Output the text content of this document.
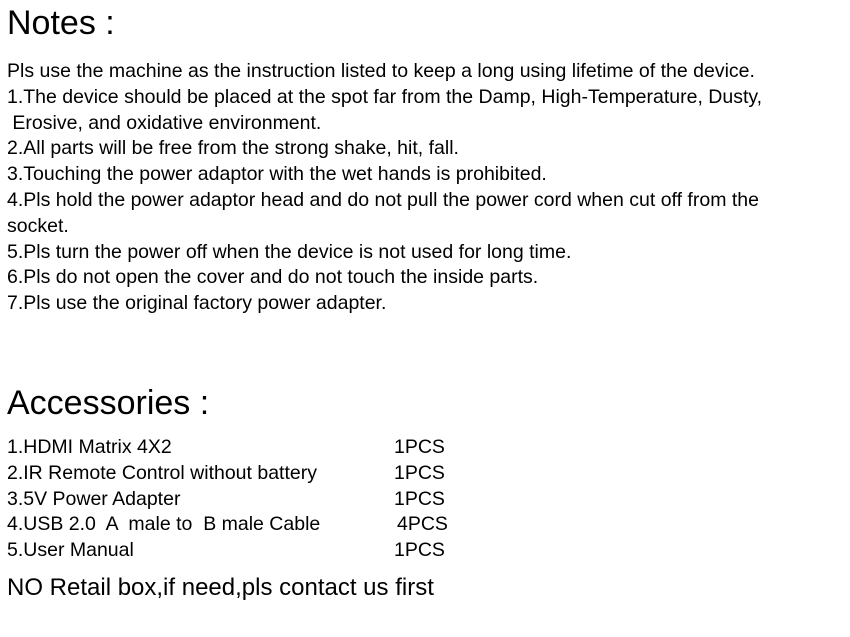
Notes :
Pls use the machine as the instruction listed to keep a long using lifetime of the device.
1.The device should be placed at the spot far from the Damp, High-Temperature, Dusty,
Erosive, and oxidative environment.
2.All parts will be free from the strong shake, hit, fall.
3.Touching the power adaptor with the wet hands is prohibited.
4.Pls hold the power adaptor head and do not pull the power cord when cut off from the
socket.
5.Pls turn the power off when the device is not used for long time.
6.Pls do not open the cover and do not touch the inside parts.
7.Pls use the original factory power adapter.
Accessories :
1.HDMI Matrix 4X2	1PCS
2.IR Remote Control without battery	1PCS
3.5V Power Adapter	1PCS
4.USB 2.0  A  male to  B male Cable	4PCS
5.User Manual	1PCS

NO Retail box,if need,pls contact us first
